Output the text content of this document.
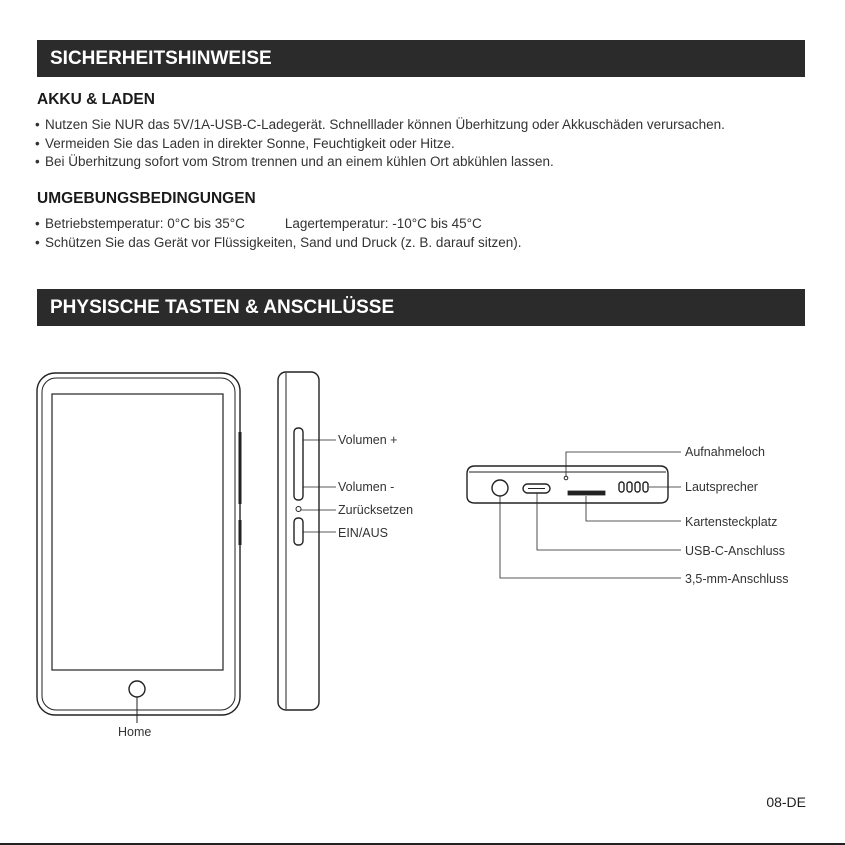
SICHERHEITSHINWEISE
AKKU & LADEN
• Nutzen Sie NUR das 5V/1A-USB-C-Ladegerät. Schnelllader können Überhitzung oder Akkuschäden verursachen.
• Vermeiden Sie das Laden in direkter Sonne, Feuchtigkeit oder Hitze.
• Bei Überhitzung sofort vom Strom trennen und an einem kühlen Ort abkühlen lassen.
UMGEBUNGSBEDINGUNGEN
• Betriebstemperatur: 0°C bis 35°C	Lagertemperatur: -10°C bis 45°C
• Schützen Sie das Gerät vor Flüssigkeiten, Sand und Druck (z. B. darauf sitzen).
PHYSISCHE TASTEN & ANSCHLÜSSE
Home
Volumen +
Volumen -
Zurücksetzen
EIN/AUS
Aufnahmeloch
Lautsprecher
Kartensteckplatz
USB-C-Anschluss
3,5-mm-Anschluss
08-DE
